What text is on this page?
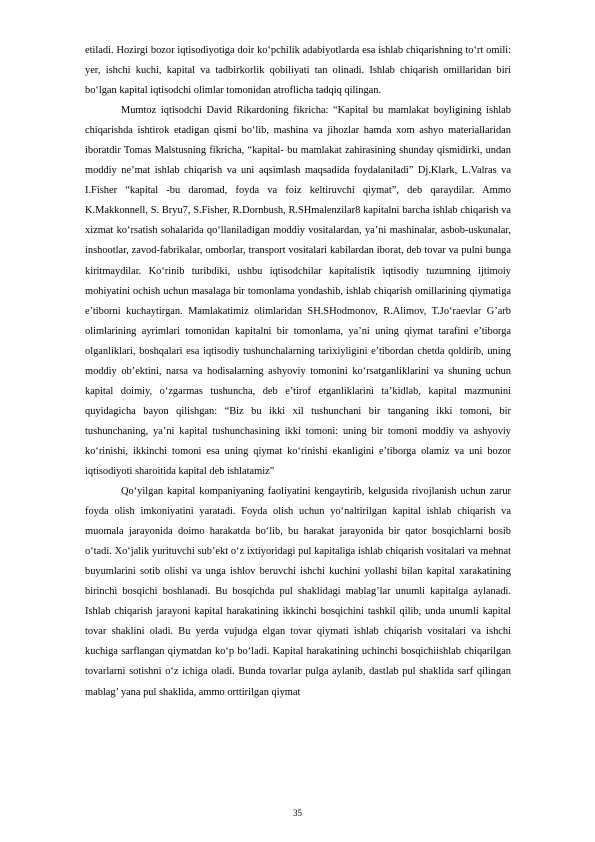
etiladi. Hozirgi bozor iqtisodiyotiga doir ko‘pchilik adabiyotlarda esa ishlab chiqarishning to‘rt omili: yer, ishchi kuchi, kapital va tadbirkorlik qobiliyati tan olinadi. Ishlab chiqarish omillaridan biri bo‘lgan kapital iqtisodchi olimlar tomonidan atroflicha tadqiq qilingan.

Mumtoz iqtisodchi David Rikardoning fikricha: “Kapital bu mamlakat boyligining ishlab chiqarishda ishtirok etadigan qismi bo‘lib, mashina va jihozlar hamda xom ashyo materiallaridan iboratdir Tomas Malstusning fikricha, “kapital- bu mamlakat zahirasining shunday qismidirki, undan moddiy ne’mat ishlab chiqarish va uni aqsimlash maqsadida foydalaniladi” Dj.Klark, L.Valras va I.Fisher “kapital -bu daromad, foyda va foiz keltiruvchi qiymat”, deb qaraydilar. Ammo K.Makkonnell, S. Bryu7, S.Fisher, R.Dornbush, R.SHmalenzilar8 kapitalni barcha ishlab chiqarish va xizmat ko‘rsatish sohalarida qo‘llaniladigan moddiy vositalardan, ya’ni mashinalar, asbob-uskunalar, inshootlar, zavod-fabrikalar, omborlar, transport vositalari kabilardan iborat, deb tovar va pulni bunga kiritmaydilar. Ko‘rinib turibdiki, ushbu iqtisodchilar kapitalistik iqtisodiy tuzumning ijtimoiy mohiyatini ochish uchun masalaga bir tomonlama yondashib, ishlab chiqarish omillarining qiymatiga e’tiborni kuchaytirgan. Mamlakatimiz olimlaridan SH.SHodmonov, R.Alimov, T.Jo‘raevlar G’arb olimlarining ayrimlari tomonidan kapitalni bir tomonlama, ya’ni uning qiymat tarafini e’tiborga olganliklari, boshqalari esa iqtisodiy tushunchalarning tarixiyligini e’tibordan chetda qoldirib, uning moddiy ob’ektini, narsa va hodisalarning ashyoviy tomonini ko‘rsatganliklarini va shuning uchun kapital doimiy, o‘zgarmas tushuncha, deb e’tirof etganliklarini ta’kidlab, kapital mazmunini quyidagicha bayon qilishgan: “Biz bu ikki xil tushunchani bir tanganing ikki tomoni, bir tushunchaning, ya’ni kapital tushunchasining ikki tomoni: uning bir tomoni moddiy va ashyoviy ko‘rinishi, ikkinchi tomoni esa uning qiymat ko‘rinishi ekanligini e’tiborga olamiz va uni bozor iqtisodiyoti sharoitida kapital deb ishlatamiz”

Qo‘yilgan kapital kompaniyaning faoliyatini kengaytirib, kelgusida rivojlanish uchun zarur foyda olish imkoniyatini yaratadi. Foyda olish uchun yo‘naltirilgan kapital ishlab chiqarish va muomala jarayonida doimo harakatda bo‘lib, bu harakat jarayonida bir qator bosqichlarni bosib o‘tadi. Xo‘jalik yurituvchi sub’ekt o‘z ixtiyoridagi pul kapitaliga ishlab chiqarish vositalari va mehnat buyumlarini sotib olishi va unga ishlov beruvchi ishchi kuchini yollashi bilan kapital xarakatining birinchi bosqichi boshlanadi. Bu bosqichda pul shaklidagi mablag’lar unumli kapitalga aylanadi. Ishlab chiqarish jarayoni kapital harakatining ikkinchi bosqichini tashkil qilib, unda unumli kapital tovar shaklini oladi. Bu yerda vujudga elgan tovar qiymati ishlab chiqarish vositalari va ishchi kuchiga sarflangan qiymatdan ko‘p bo‘ladi. Kapital harakatining uchinchi bosqichiishlab chiqarilgan tovarlarni sotishni o‘z ichiga oladi. Bunda tovarlar pulga aylanib, dastlab pul shaklida sarf qilingan mablag’ yana pul shaklida, ammo orttirilgan qiymat

35
